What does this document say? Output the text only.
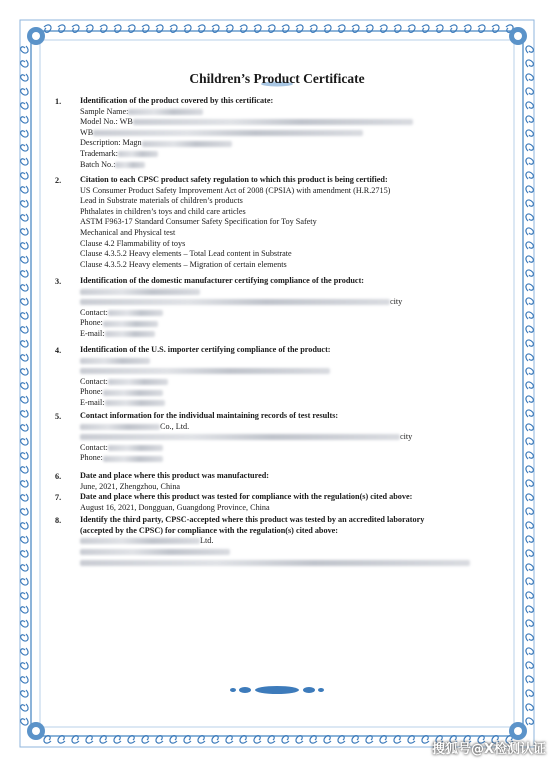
Children’s Product Certificate
1. Identification of the product covered by this certificate:
Sample Name:
Model No.: WB
WB
Description: Magn
Trademark:
Batch No.:
2. Citation to each CPSC product safety regulation to which this product is being certified:
US Consumer Product Safety Improvement Act of 2008 (CPSIA) with amendment (H.R.2715)
Lead in Substrate materials of children’s products
Phthalates in children’s toys and child care articles
ASTM F963-17 Standard Consumer Safety Specification for Toy Safety
Mechanical and Physical test
Clause 4.2 Flammability of toys
Clause 4.3.5.2 Heavy elements – Total Lead content in Substrate
Clause 4.3.5.2 Heavy elements – Migration of certain elements
3. Identification of the domestic manufacturer certifying compliance of the product:
city
Contact:
Phone:
E-mail:
4. Identification of the U.S. importer certifying compliance of the product:
Contact:
Phone:
E-mail:
5. Contact information for the individual maintaining records of test results:
Co., Ltd.
city
Contact:
Phone:
6. Date and place where this product was manufactured:
June, 2021, Zhengzhou, China
7. Date and place where this product was tested for compliance with the regulation(s) cited above:
August 16, 2021, Dongguan, Guangdong Province, China
8. Identify the third party, CPSC-accepted where this product was tested by an accredited laboratory
(accepted by the CPSC) for compliance with the regulation(s) cited above:
Ltd.
搜狐号@X检测认证
